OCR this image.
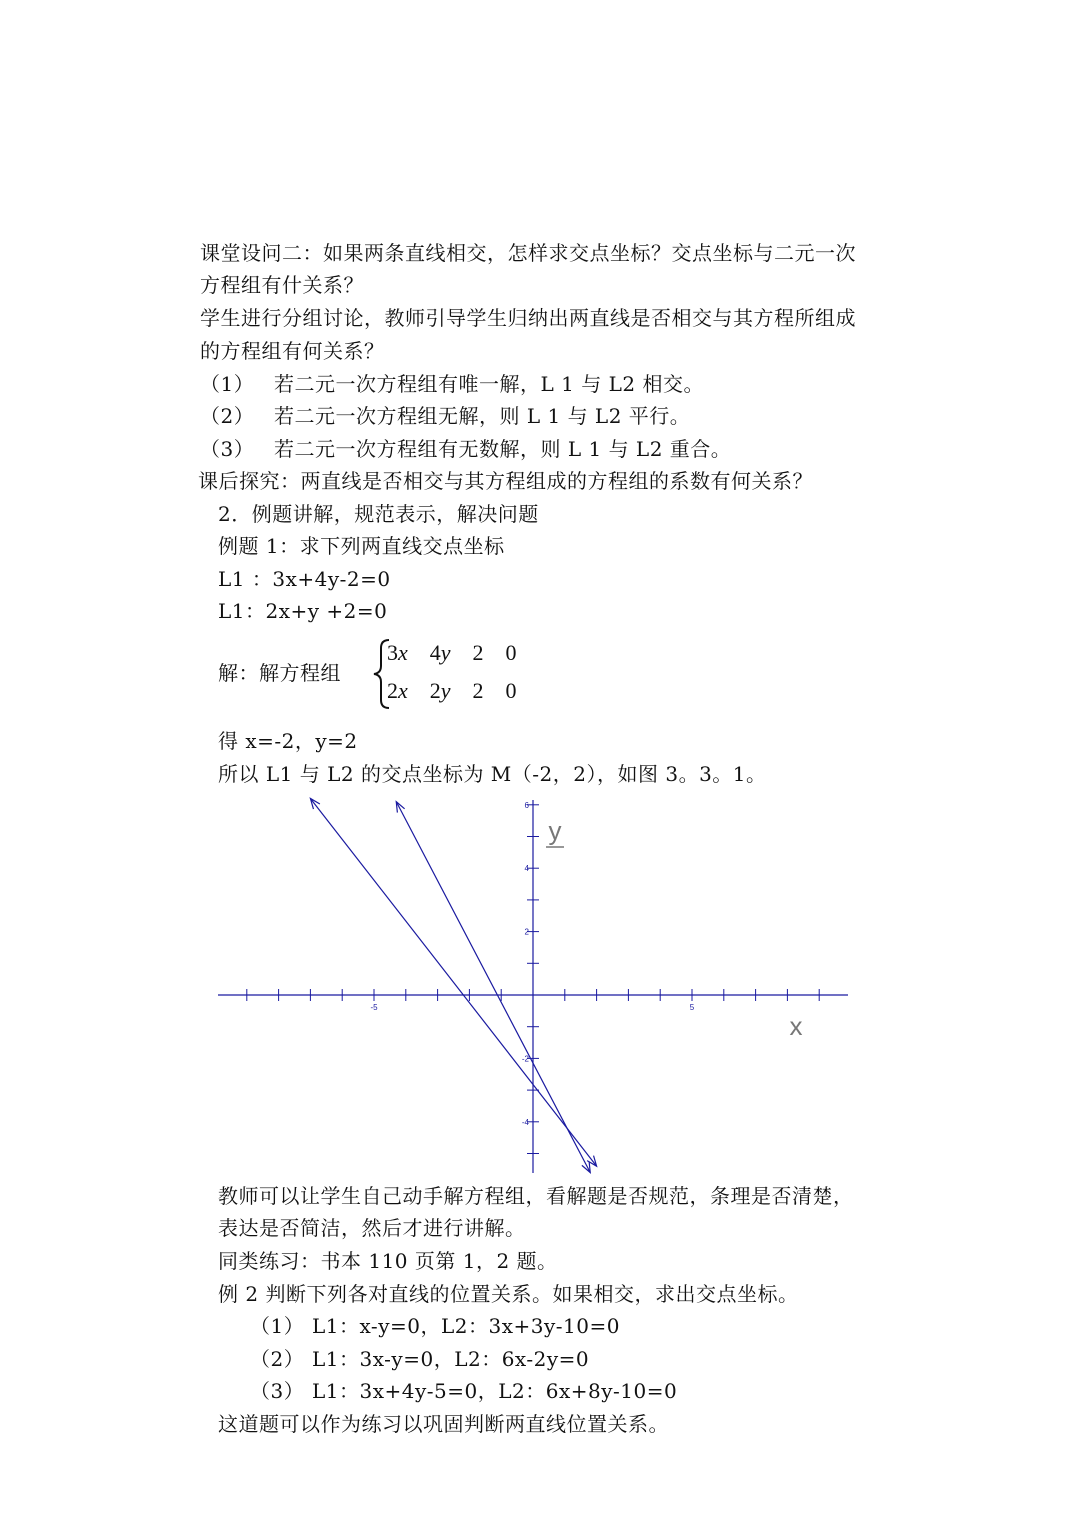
课堂设问二：如果两条直线相交，怎样求交点坐标？交点坐标与二元一次
方程组有什关系？
学生进行分组讨论，教师引导学生归纳出两直线是否相交与其方程所组成
的方程组有何关系？
（1） 若二元一次方程组有唯一解，L 1 与 L2 相交。
（2） 若二元一次方程组无解，则 L 1 与 L2 平行。
（3） 若二元一次方程组有无数解，则 L 1 与 L2 重合。
课后探究：两直线是否相交与其方程组成的方程组的系数有何关系？
2．例题讲解，规范表示，解决问题
例题 1：求下列两直线交点坐标
L1 ：3x+4y-2=0
L1：2x+y +2=0
解：解方程组
3x 4y 2 0
2x 2y 2 0
得 x=-2，y=2
所以 L1 与 L2 的交点坐标为 M（-2，2），如图 3。3。1。
-5	5
6
4
2
-2
-4
y
x
教师可以让学生自己动手解方程组，看解题是否规范，条理是否清楚，
表达是否简洁，然后才进行讲解。
同类练习：书本 110 页第 1，2 题。
例 2 判断下列各对直线的位置关系。如果相交，求出交点坐标。
（1） L1：x-y=0，L2：3x+3y-10=0
（2） L1：3x-y=0，L2：6x-2y=0
（3） L1：3x+4y-5=0，L2：6x+8y-10=0
这道题可以作为练习以巩固判断两直线位置关系。
